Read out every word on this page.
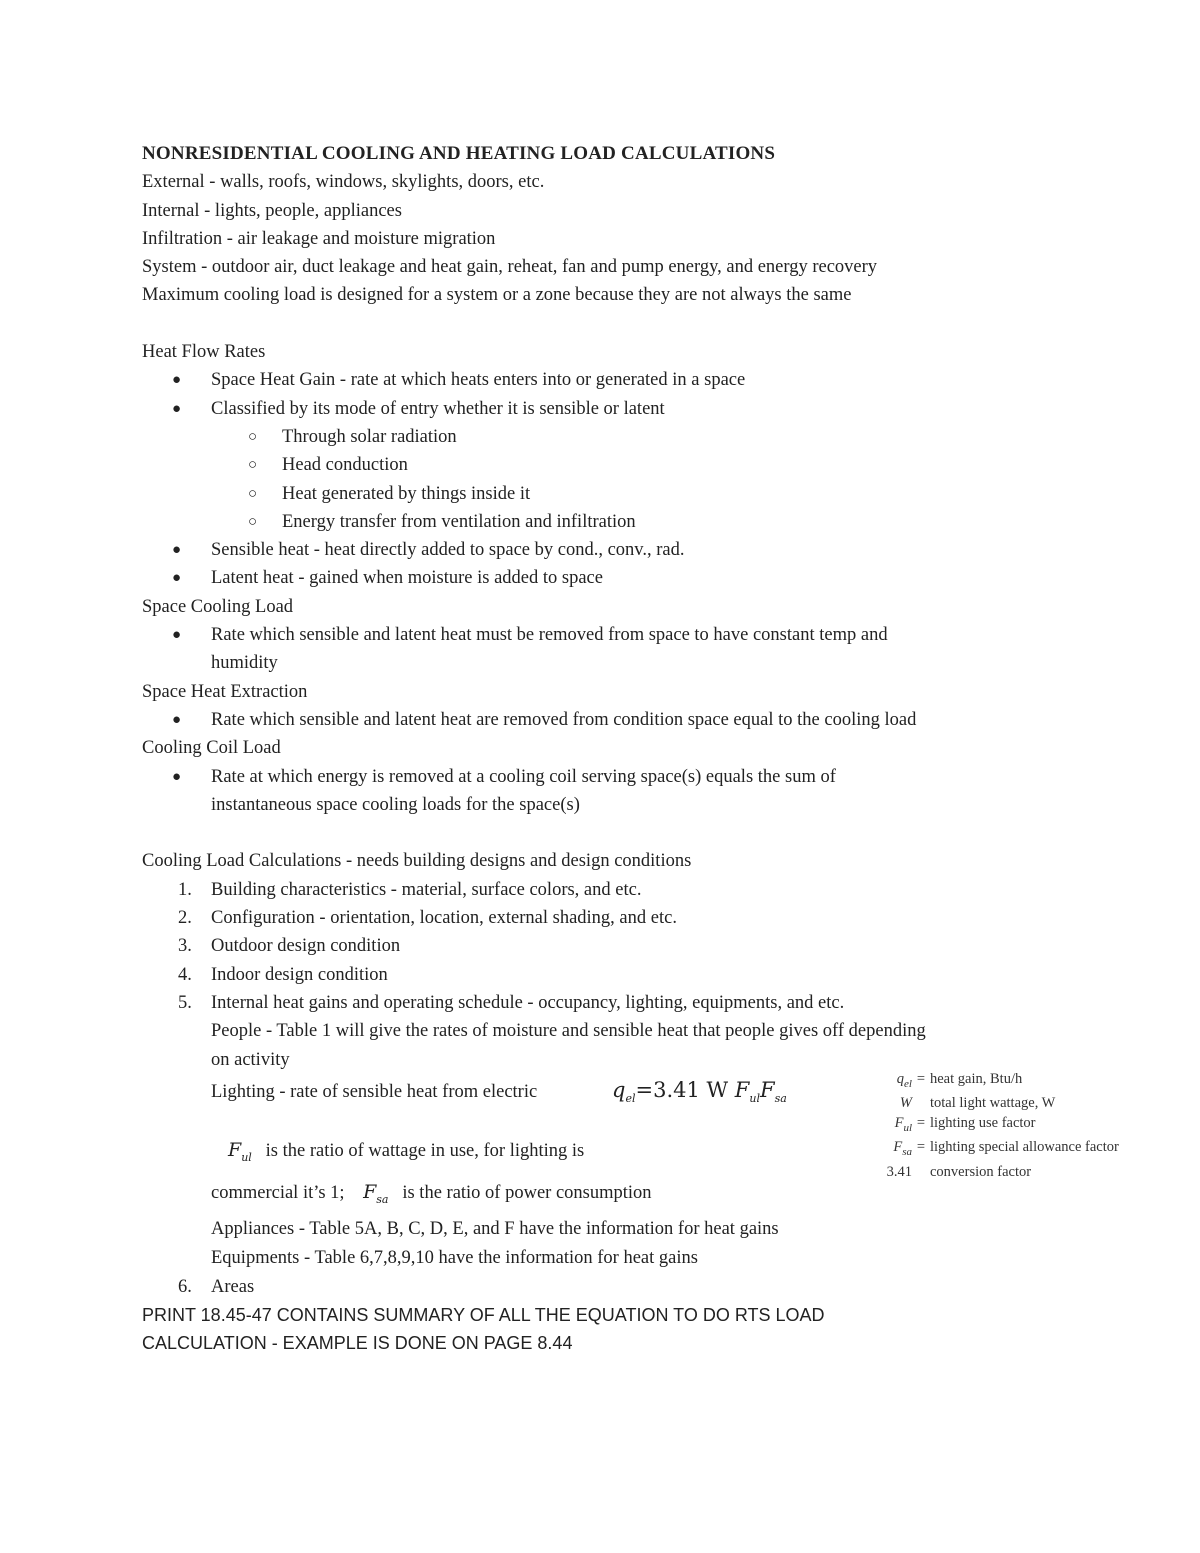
NONRESIDENTIAL COOLING AND HEATING LOAD CALCULATIONS
External - walls, roofs, windows, skylights, doors, etc.
Internal - lights, people, appliances
Infiltration - air leakage and moisture migration
System - outdoor air, duct leakage and heat gain, reheat, fan and pump energy, and energy recovery
Maximum cooling load is designed for a system or a zone because they are not always the same
Heat Flow Rates
● Space Heat Gain - rate at which heats enters into or generated in a space
● Classified by its mode of entry whether it is sensible or latent
○ Through solar radiation
○ Head conduction
○ Heat generated by things inside it
○ Energy transfer from ventilation and infiltration
● Sensible heat - heat directly added to space by cond., conv., rad.
● Latent heat - gained when moisture is added to space
Space Cooling Load
● Rate which sensible and latent heat must be removed from space to have constant temp and
humidity
Space Heat Extraction
● Rate which sensible and latent heat are removed from condition space equal to the cooling load
Cooling Coil Load
● Rate at which energy is removed at a cooling coil serving space(s) equals the sum of
instantaneous space cooling loads for the space(s)
Cooling Load Calculations - needs building designs and design conditions
1. Building characteristics - material, surface colors, and etc.
2. Configuration - orientation, location, external shading, and etc.
3. Outdoor design condition
4. Indoor design condition
5. Internal heat gains and operating schedule - occupancy, lighting, equipments, and etc.
People - Table 1 will give the rates of moisture and sensible heat that people gives off depending
on activity
Lighting - rate of sensible heat from electric	$q_{el}=3.41$ W $F_{ul}F_{sa}$
$F_{ul}$ is the ratio of wattage in use, for lighting is
commercial it’s 1; $F_{sa}$ is the ratio of power consumption
Appliances - Table 5A, B, C, D, E, and F have the information for heat gains
Equipments - Table 6,7,8,9,10 have the information for heat gains
6. Areas
PRINT 18.45-47 CONTAINS SUMMARY OF ALL THE EQUATION TO DO RTS LOAD
CALCULATION - EXAMPLE IS DONE ON PAGE 8.44
$q_{el}$ = heat gain, Btu/h
W total light wattage, W
$F_{ul}$ = lighting use factor
$F_{sa}$ = lighting special allowance factor
3.41 conversion factor
